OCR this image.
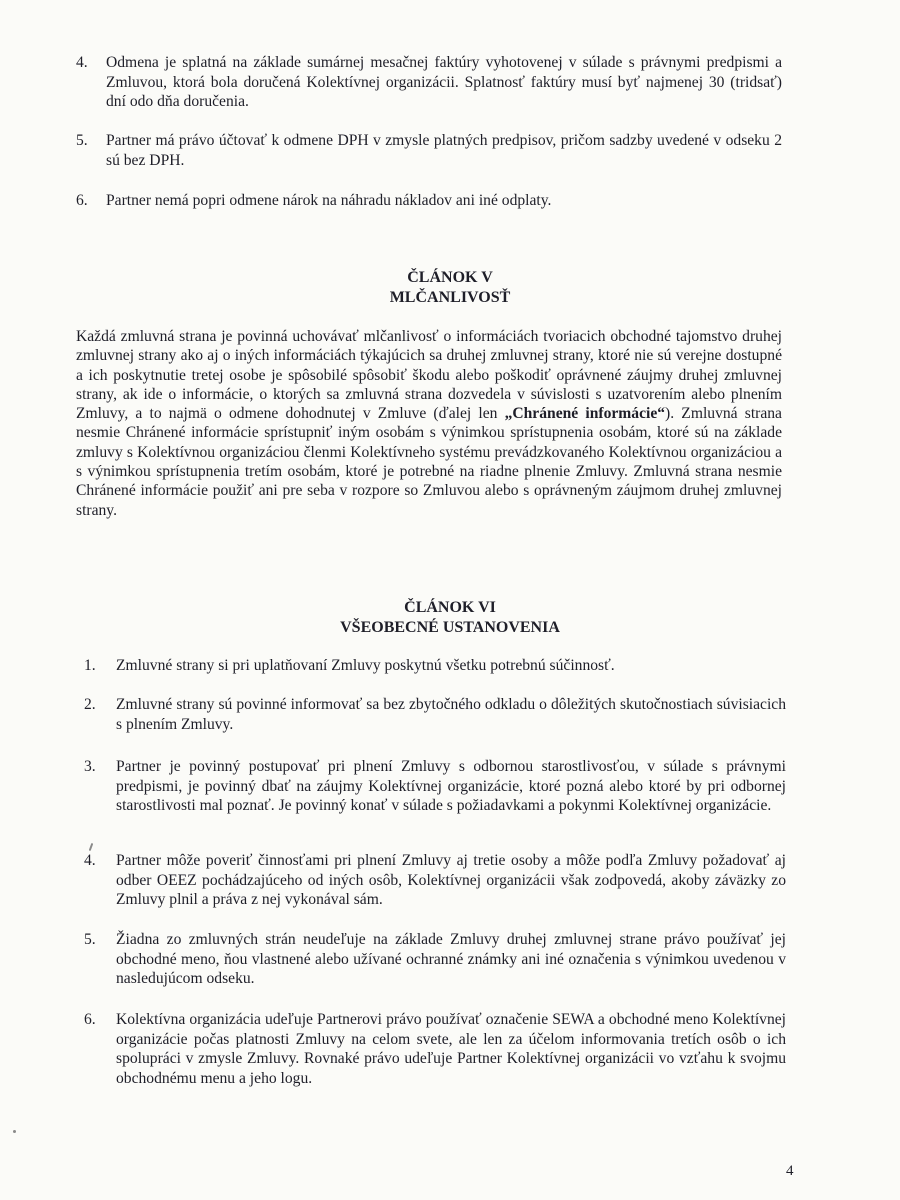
4. Odmena je splatná na základe sumárnej mesačnej faktúry vyhotovenej v súlade s právnymi predpismi a Zmluvou, ktorá bola doručená Kolektívnej organizácii. Splatnosť faktúry musí byť najmenej 30 (tridsať) dní odo dňa doručenia.
5. Partner má právo účtovať k odmene DPH v zmysle platných predpisov, pričom sadzby uvedené v odseku 2 sú bez DPH.
6. Partner nemá popri odmene nárok na náhradu nákladov ani iné odplaty.
ČLÁNOK V
MLČANLIVOSŤ
Každá zmluvná strana je povinná uchovávať mlčanlivosť o informáciách tvoriacich obchodné tajomstvo druhej zmluvnej strany ako aj o iných informáciách týkajúcich sa druhej zmluvnej strany, ktoré nie sú verejne dostupné a ich poskytnutie tretej osobe je spôsobilé spôsobiť škodu alebo poškodiť oprávnené záujmy druhej zmluvnej strany, ak ide o informácie, o ktorých sa zmluvná strana dozvedela v súvislosti s uzatvorením alebo plnením Zmluvy, a to najmä o odmene dohodnutej v Zmluve (ďalej len „Chránené informácie“). Zmluvná strana nesmie Chránené informácie sprístupniť iným osobám s výnimkou sprístupnenia osobám, ktoré sú na základe zmluvy s Kolektívnou organizáciou členmi Kolektívneho systému prevádzkovaného Kolektívnou organizáciou a s výnimkou sprístupnenia tretím osobám, ktoré je potrebné na riadne plnenie Zmluvy. Zmluvná strana nesmie Chránené informácie použiť ani pre seba v rozpore so Zmluvou alebo s oprávneným záujmom druhej zmluvnej strany.
ČLÁNOK VI
VŠEOBECNÉ USTANOVENIA
1. Zmluvné strany si pri uplatňovaní Zmluvy poskytnú všetku potrebnú súčinnosť.
2. Zmluvné strany sú povinné informovať sa bez zbytočného odkladu o dôležitých skutočnostiach súvisiacich s plnením Zmluvy.
3. Partner je povinný postupovať pri plnení Zmluvy s odbornou starostlivosťou, v súlade s právnymi predpismi, je povinný dbať na záujmy Kolektívnej organizácie, ktoré pozná alebo ktoré by pri odbornej starostlivosti mal poznať. Je povinný konať v súlade s požiadavkami a pokynmi Kolektívnej organizácie.
4. Partner môže poveriť činnosťami pri plnení Zmluvy aj tretie osoby a môže podľa Zmluvy požadovať aj odber OEEZ pochádzajúceho od iných osôb, Kolektívnej organizácii však zodpovedá, akoby záväzky zo Zmluvy plnil a práva z nej vykonával sám.
5. Žiadna zo zmluvných strán neudeľuje na základe Zmluvy druhej zmluvnej strane právo používať jej obchodné meno, ňou vlastnené alebo užívané ochranné známky ani iné označenia s výnimkou uvedenou v nasledujúcom odseku.
6. Kolektívna organizácia udeľuje Partnerovi právo používať označenie SEWA a obchodné meno Kolektívnej organizácie počas platnosti Zmluvy na celom svete, ale len za účelom informovania tretích osôb o ich spolupráci v zmysle Zmluvy. Rovnaké právo udeľuje Partner Kolektívnej organizácii vo vzťahu k svojmu obchodnému menu a jeho logu.
4
